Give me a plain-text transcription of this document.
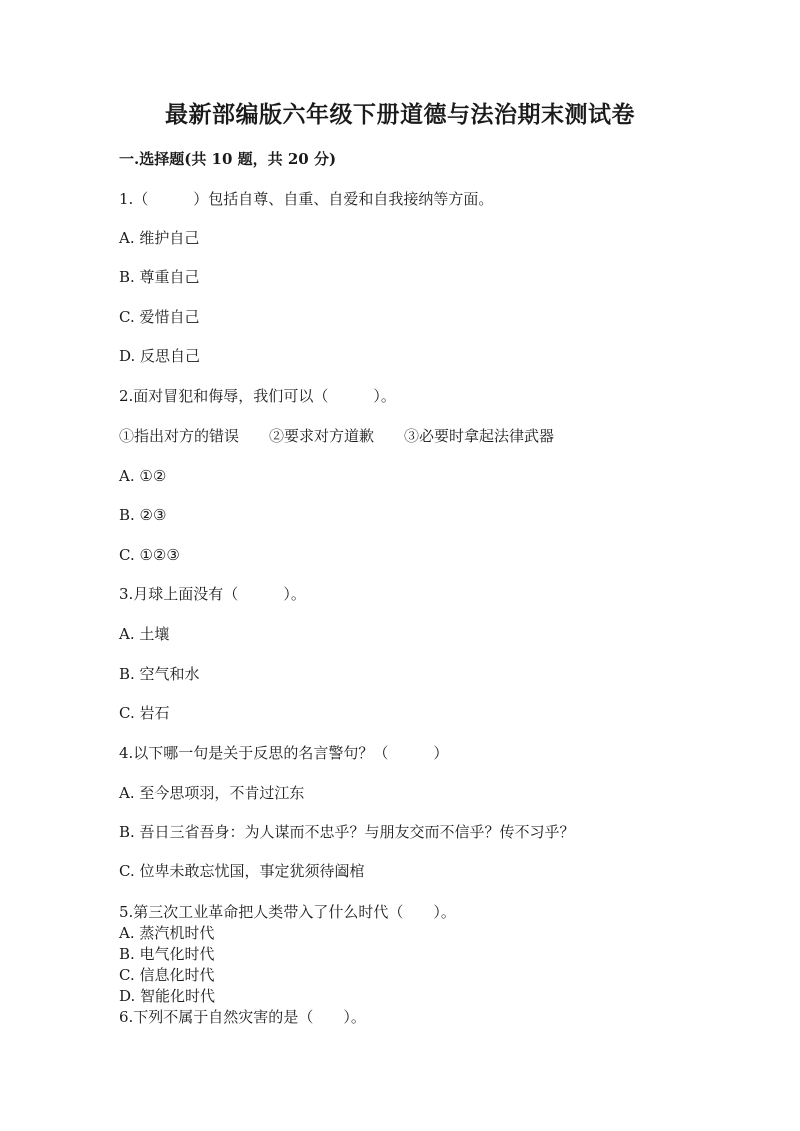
最新部编版六年级下册道德与法治期末测试卷
一.选择题(共 10 题，共 20 分)
1.（　　　）包括自尊、自重、自爱和自我接纳等方面。
A. 维护自己
B. 尊重自己
C. 爱惜自己
D. 反思自己
2.面对冒犯和侮辱，我们可以（　　　）。
①指出对方的错误　　②要求对方道歉　　③必要时拿起法律武器
A. ①②
B. ②③
C. ①②③
3.月球上面没有（　　　）。
A. 土壤
B. 空气和水
C. 岩石
4.以下哪一句是关于反思的名言警句？（　　　）
A. 至今思项羽，不肯过江东
B. 吾日三省吾身：为人谋而不忠乎？与朋友交而不信乎？传不习乎？
C. 位卑未敢忘忧国，事定犹须待阖棺
5.第三次工业革命把人类带入了什么时代（　　）。
A. 蒸汽机时代
B. 电气化时代
C. 信息化时代
D. 智能化时代
6.下列不属于自然灾害的是（　　）。
